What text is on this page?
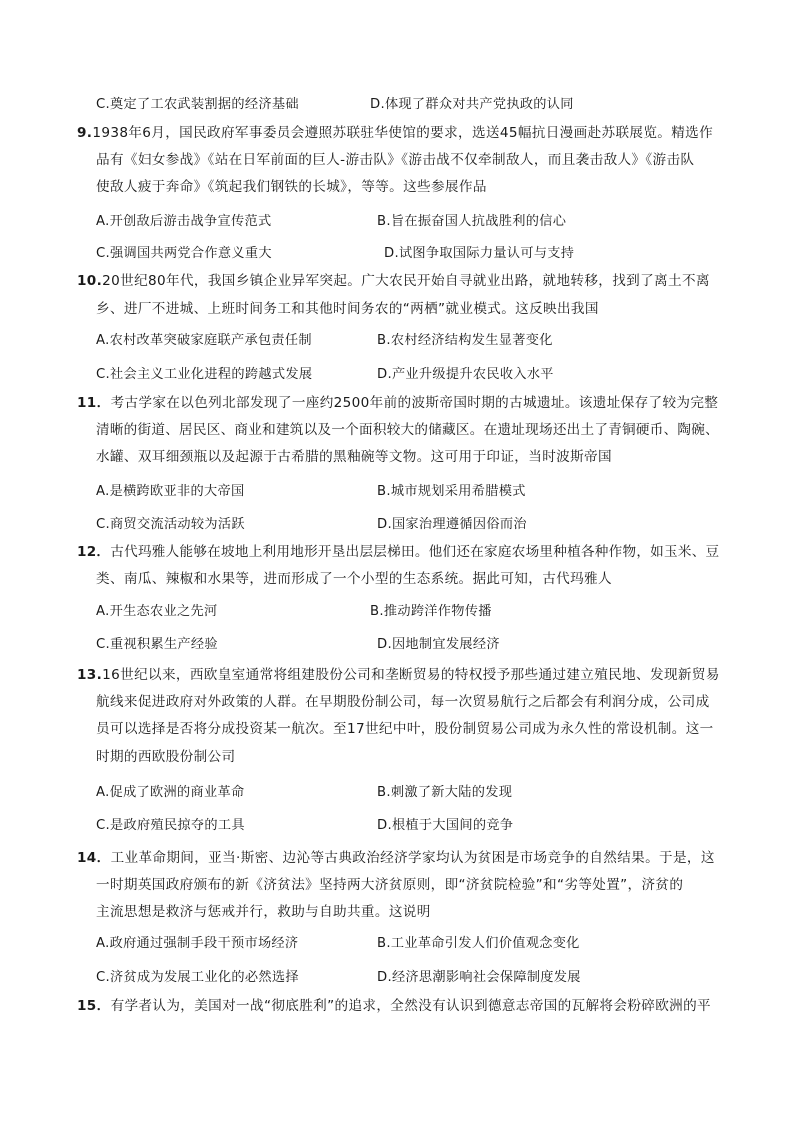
C.奠定了工农武装割据的经济基础	D.体现了群众对共产党执政的认同
9.1938年6月，国民政府军事委员会遵照苏联驻华使馆的要求，选送45幅抗日漫画赴苏联展览。精选作
品有《妇女参战》《站在日军前面的巨人-游击队》《游击战不仅牵制敌人，而且袭击敌人》《游击队
使敌人疲于奔命》《筑起我们钢铁的长城》，等等。这些参展作品
A.开创敌后游击战争宣传范式	B.旨在振奋国人抗战胜利的信心
C.强调国共两党合作意义重大	D.试图争取国际力量认可与支持
10.20世纪80年代，我国乡镇企业异军突起。广大农民开始自寻就业出路，就地转移，找到了离土不离
乡、进厂不进城、上班时间务工和其他时间务农的“两栖”就业模式。这反映出我国
A.农村改革突破家庭联产承包责任制	B.农村经济结构发生显著变化
C.社会主义工业化进程的跨越式发展	D.产业升级提升农民收入水平
11．考古学家在以色列北部发现了一座约2500年前的波斯帝国时期的古城遗址。该遗址保存了较为完整
清晰的街道、居民区、商业和建筑以及一个面积较大的储藏区。在遗址现场还出土了青铜硬币、陶碗、
水罐、双耳细颈瓶以及起源于古希腊的黑釉碗等文物。这可用于印证，当时波斯帝国
A.是横跨欧亚非的大帝国	B.城市规划采用希腊模式
C.商贸交流活动较为活跃	D.国家治理遵循因俗而治
12．古代玛雅人能够在坡地上利用地形开垦出层层梯田。他们还在家庭农场里种植各种作物，如玉米、豆
类、南瓜、辣椒和水果等，进而形成了一个小型的生态系统。据此可知，古代玛雅人
A.开生态农业之先河	B.推动跨洋作物传播
C.重视积累生产经验	D.因地制宜发展经济
13.16世纪以来，西欧皇室通常将组建股份公司和垄断贸易的特权授予那些通过建立殖民地、发现新贸易
航线来促进政府对外政策的人群。在早期股份制公司，每一次贸易航行之后都会有利润分成，公司成
员可以选择是否将分成投资某一航次。至17世纪中叶，股份制贸易公司成为永久性的常设机制。这一
时期的西欧股份制公司
A.促成了欧洲的商业革命	B.刺激了新大陆的发现
C.是政府殖民掠夺的工具	D.根植于大国间的竞争
14．工业革命期间，亚当·斯密、边沁等古典政治经济学家均认为贫困是市场竞争的自然结果。于是，这
一时期英国政府颁布的新《济贫法》坚持两大济贫原则，即“济贫院检验”和“劣等处置”，济贫的
主流思想是救济与惩戒并行，救助与自助共重。这说明
A.政府通过强制手段干预市场经济	B.工业革命引发人们价值观念变化
C.济贫成为发展工业化的必然选择	D.经济思潮影响社会保障制度发展
15．有学者认为，美国对一战“彻底胜利”的追求，全然没有认识到德意志帝国的瓦解将会粉碎欧洲的平
